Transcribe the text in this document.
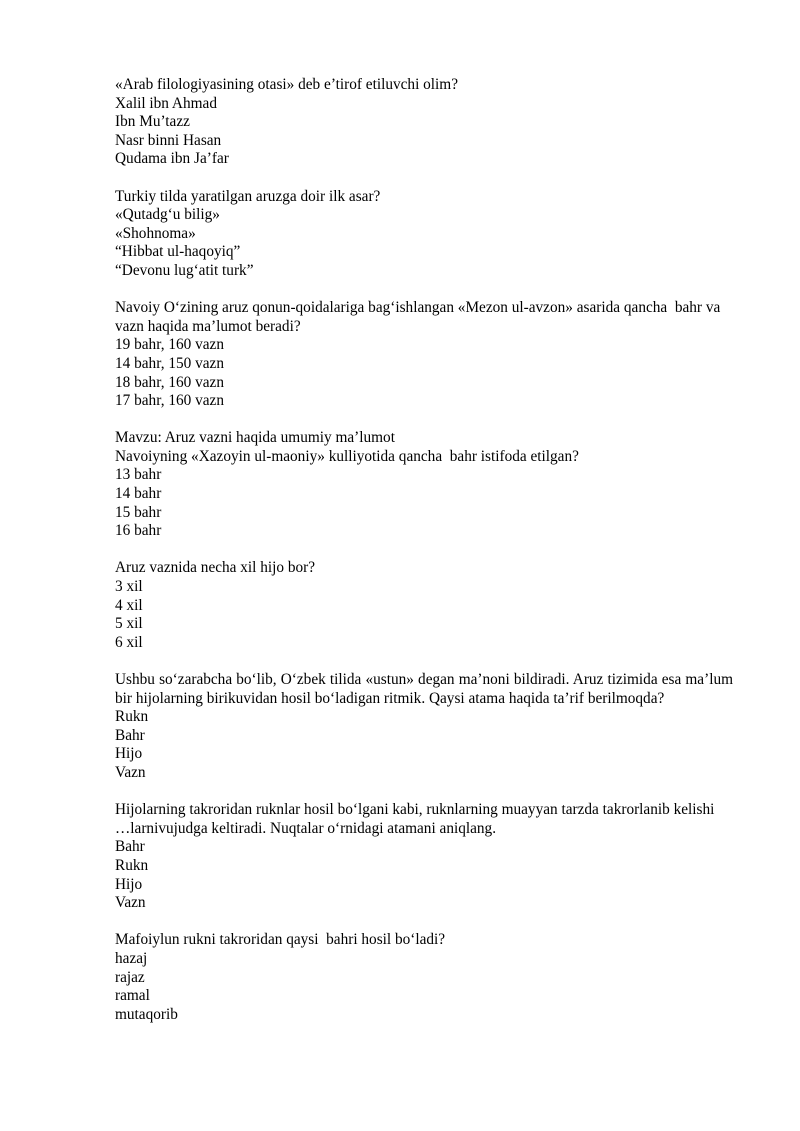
«Arab filologiyasining otasi» deb e’tirof etiluvchi olim?
Xalil ibn Ahmad
Ibn Mu’tazz
Nasr binni Hasan
Qudama ibn Ja’far
Turkiy tilda yaratilgan aruzga doir ilk asar?
«Qutadg‘u bilig»
«Shohnoma»
“Hibbat ul-haqoyiq”
“Devonu lug‘atit turk”
Navoiy O‘zining aruz qonun-qoidalariga bag‘ishlangan «Mezon ul-avzon» asarida qancha  bahr va  vazn haqida ma’lumot beradi?
19 bahr, 160 vazn
14 bahr, 150 vazn
18 bahr, 160 vazn
17 bahr, 160 vazn
Mavzu: Aruz vazni haqida umumiy ma’lumot
Navoiyning «Xazoyin ul-maoniy» kulliyotida qancha  bahr istifoda etilgan?
13 bahr
14 bahr
15 bahr
16 bahr
Aruz vaznida necha xil hijo bor?
3 xil
4 xil
5 xil
6 xil
Ushbu so‘zarabcha bo‘lib, O‘zbek tilida «ustun» degan ma’noni bildiradi. Aruz tizimida esa ma’lum bir hijolarning birikuvidan hosil bo‘ladigan ritmik. Qaysi atama haqida ta’rif berilmoqda?
Rukn
Bahr
Hijo
Vazn
Hijolarning takroridan ruknlar hosil bo‘lgani kabi, ruknlarning muayyan tarzda takrorlanib kelishi …larnivujudga keltiradi. Nuqtalar o‘rnidagi atamani aniqlang.
Bahr
Rukn
Hijo
Vazn
Mafoiylun rukni takroridan qaysi  bahri hosil bo‘ladi?
hazaj
rajaz
ramal
mutaqorib
